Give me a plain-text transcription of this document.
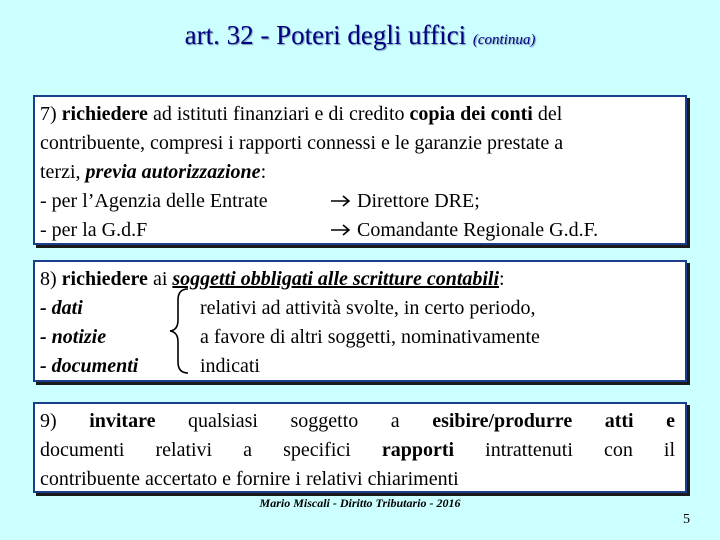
art. 32 - Poteri degli uffici (continua)
7) richiedere ad istituti finanziari e di credito copia dei conti del
contribuente, compresi i rapporti connessi e le garanzie prestate a
terzi, previa autorizzazione:
- per l’Agenzia delle Entrate	Direttore DRE;
- per la G.d.F	Comandante Regionale G.d.F.
8) richiedere ai soggetti obbligati alle scritture contabili:
- dati	relativi ad attività svolte, in certo periodo,
- notizie	a favore di altri soggetti, nominativamente
- documenti	indicati
9) invitare qualsiasi soggetto a esibire/produrre atti e
documenti relativi a specifici rapporti intrattenuti con il
contribuente accertato e fornire i relativi chiarimenti
Mario Miscali - Diritto Tributario - 2016
5
